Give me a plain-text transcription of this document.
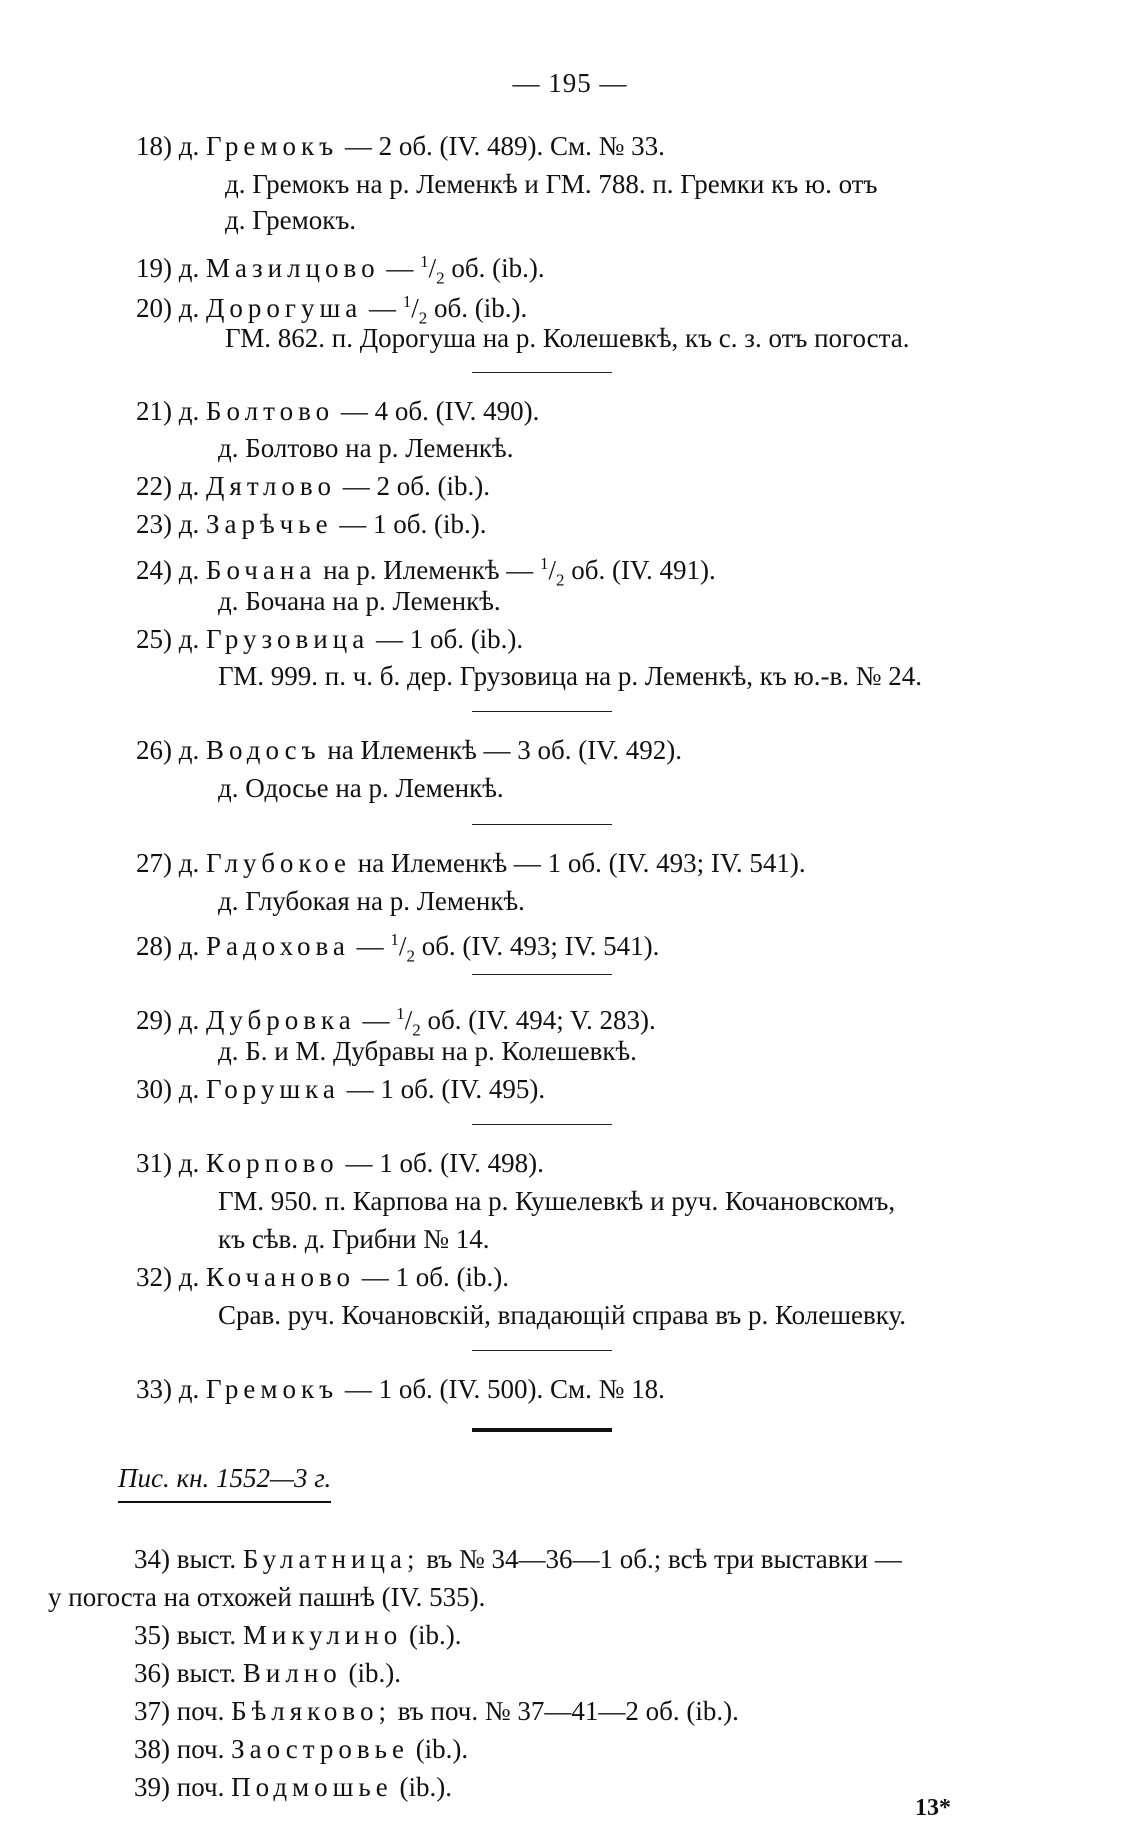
— 195 —
18) д. Гремокъ — 2 об. (IV. 489). См. № 33.
д. Гремокъ на р. Леменкѣ и ГМ. 788. п. Гремки къ ю. отъ
д. Гремокъ.
19) д. Мазилцово — $^1/_2$ об. (ib.).
20) д. Дорогуша — $^1/_2$ об. (ib.).
ГМ. 862. п. Дорогуша на р. Колешевкѣ, къ с. з. отъ погоста.
21) д. Болтово — 4 об. (IV. 490).
д. Болтово на р. Леменкѣ.
22) д. Дятлово — 2 об. (ib.).
23) д. Зарѣчье — 1 об. (ib.).
24) д. Бочана на р. Илеменкѣ — $^1/_2$ об. (IV. 491).
д. Бочана на р. Леменкѣ.
25) д. Грузовица — 1 об. (ib.).
ГМ. 999. п. ч. б. дер. Грузовица на р. Леменкѣ, къ ю.-в. № 24.
26) д. Водосъ на Илеменкѣ — 3 об. (IV. 492).
д. Одосье на р. Леменкѣ.
27) д. Глубокое на Илеменкѣ — 1 об. (IV. 493; IV. 541).
д. Глубокая на р. Леменкѣ.
28) д. Радохова — $^1/_2$ об. (IV. 493; IV. 541).
29) д. Дубровка — $^1/_2$ об. (IV. 494; V. 283).
д. Б. и М. Дубравы на р. Колешевкѣ.
30) д. Горушка — 1 об. (IV. 495).
31) д. Корпово — 1 об. (IV. 498).
ГМ. 950. п. Карпова на р. Кушелевкѣ и руч. Кочановскомъ,
къ сѣв. д. Грибни № 14.
32) д. Кочаново — 1 об. (ib.).
Срав. руч. Кочановскій, впадающій справа въ р. Колешевку.
33) д. Гремокъ — 1 об. (IV. 500). См. № 18.
Пис. кн. 1552—3 г.
34) выст. Булатница; въ № 34—36—1 об.; всѣ три выставки —
у погоста на отхожей пашнѣ (IV. 535).
35) выст. Микулино (ib.).
36) выст. Вилно (ib.).
37) поч. Бѣляково; въ поч. № 37—41—2 об. (ib.).
38) поч. Заостровье (ib.).
39) поч. Подмошье (ib.).
13*
